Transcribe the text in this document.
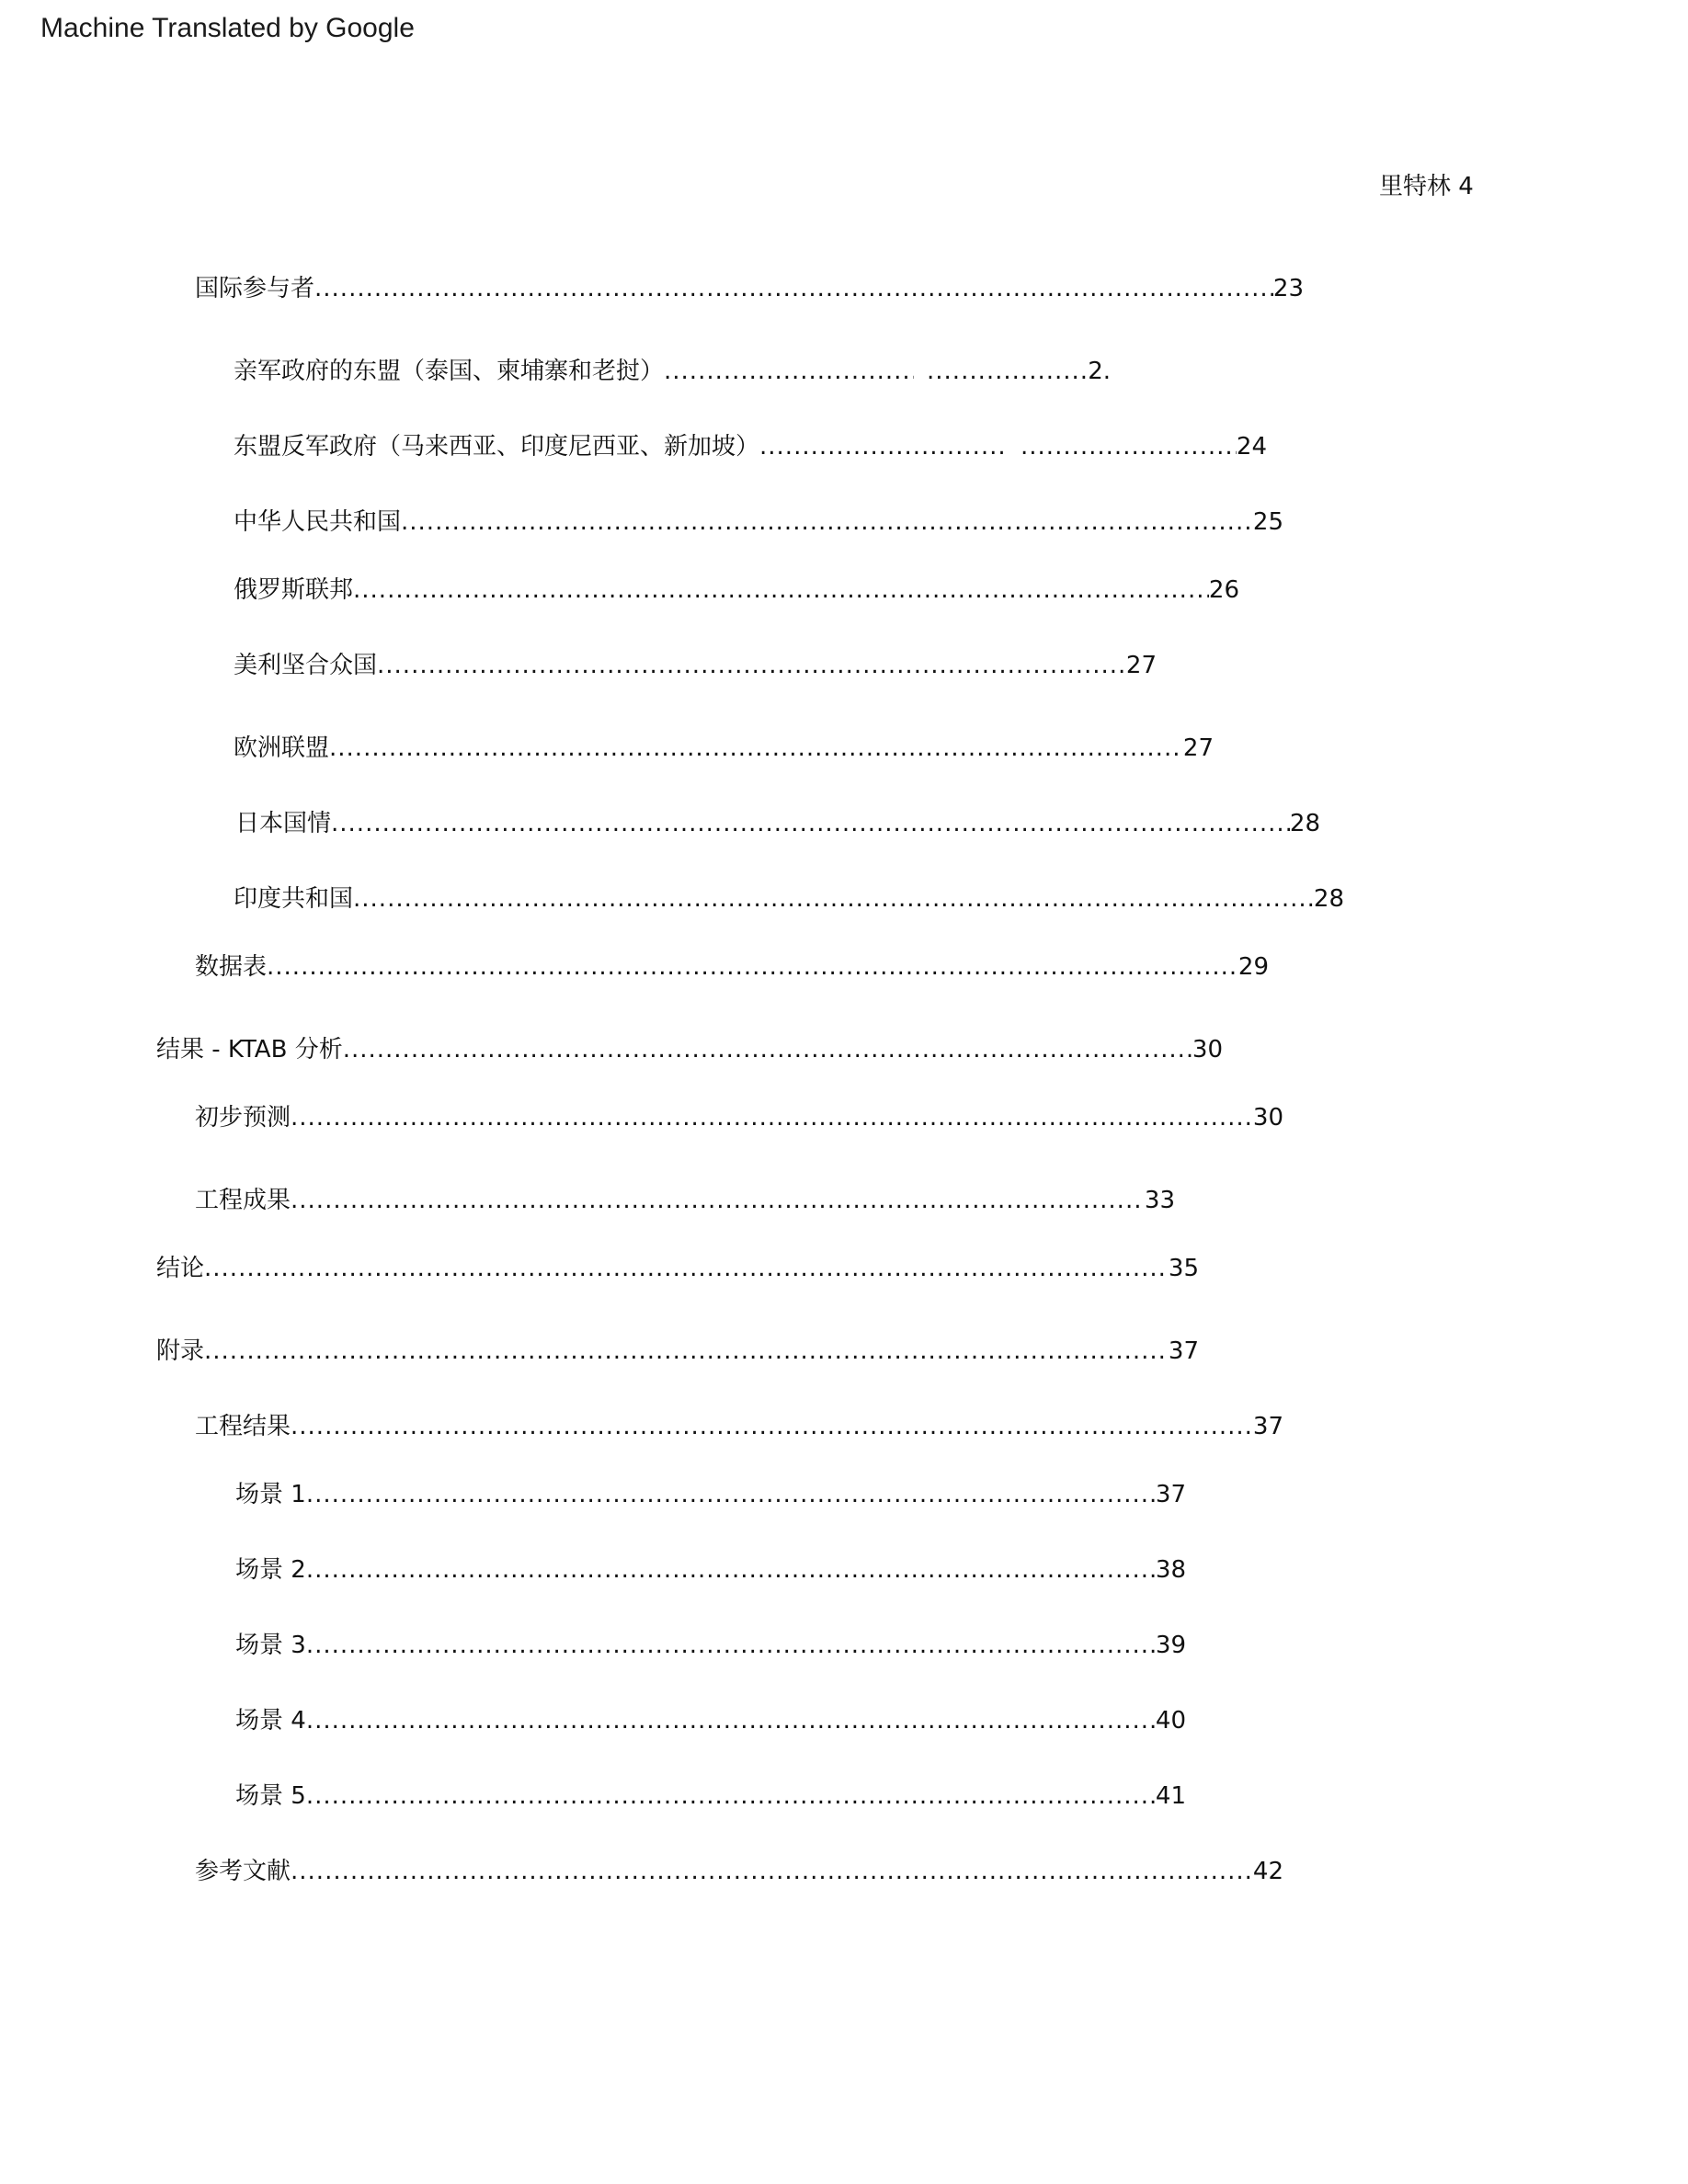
Machine Translated by Google
里特林 4
国际参与者 .....	23
亲军政府的东盟（泰国、柬埔寨和老挝） ..... .....	2.
东盟反军政府（马来西亚、印度尼西亚、新加坡） ..... .....	24
中华人民共和国 .....	25
俄罗斯联邦 .....	26
美利坚合众国 .....	27
欧洲联盟 .....	27
日本国情 .....	28
印度共和国 .....	28
数据表 .....	29
结果 - KTAB 分析 .....	30
初步预测 .....	30
工程成果 .....	33
结论 .....	35
附录 .....	37
工程结果 .....	37
场景 1 .....	37
场景 2 .....	38
场景 3 .....	39
场景 4 .....	40
场景 5 .....	41
参考文献 .....	42
